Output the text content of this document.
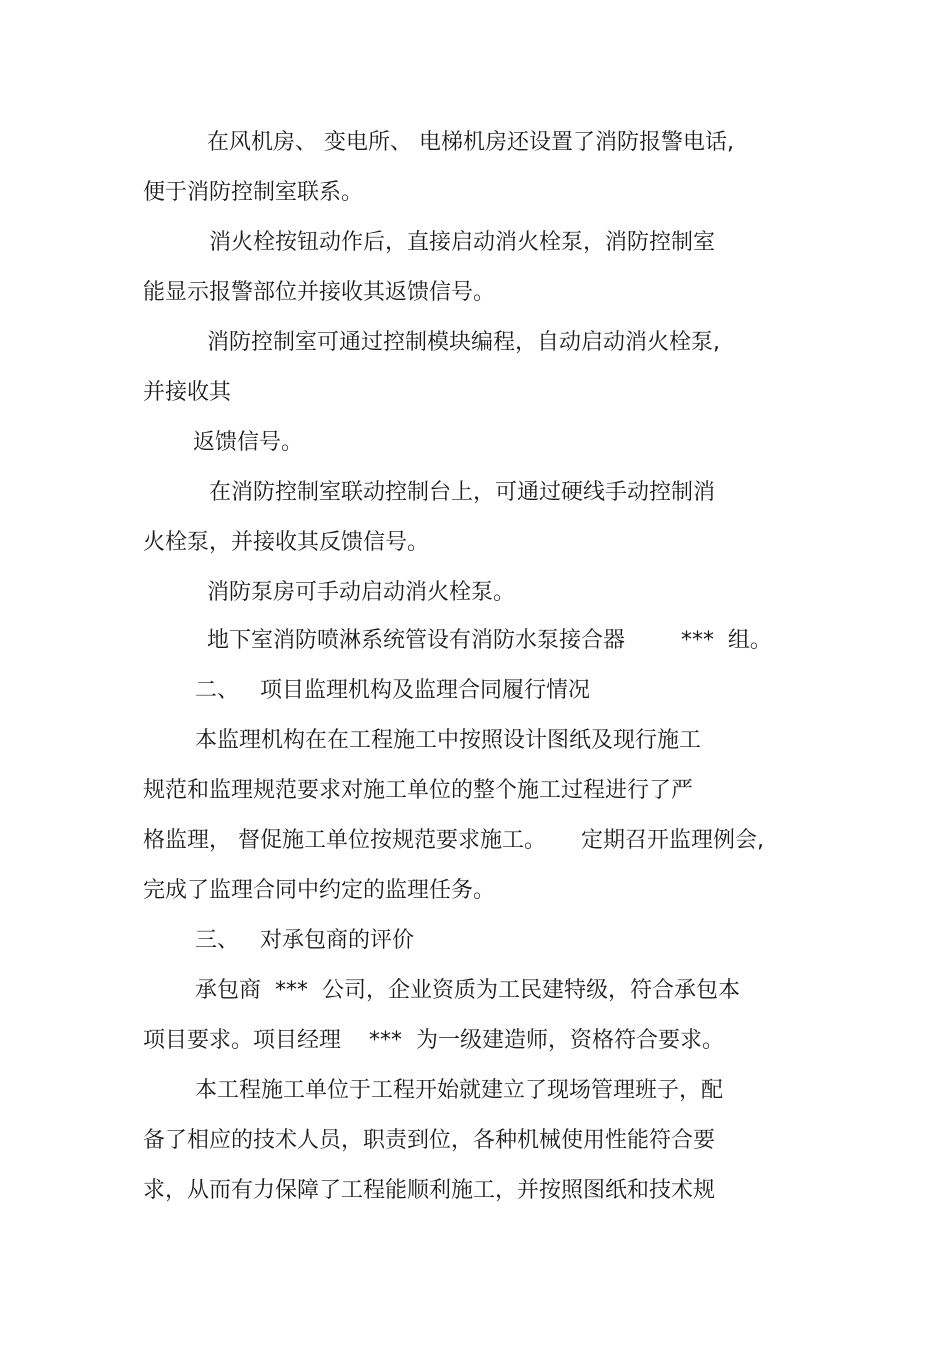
在风机房、 变电所、 电梯机房还设置了消防报警电话,

便于消防控制室联系。

消火栓按钮动作后，直接启动消火栓泵，消防控制室

能显示报警部位并接收其返馈信号。

消防控制室可通过控制模块编程，自动启动消火栓泵,

并接收其

返馈信号。

在消防控制室联动控制台上，可通过硬线手动控制消

火栓泵，并接收其反馈信号。

消防泵房可手动启动消火栓泵。

地下室消防喷淋系统管设有消防水泵接合器        ***  组。

二、   项目监理机构及监理合同履行情况

本监理机构在在工程施工中按照设计图纸及现行施工

规范和监理规范要求对施工单位的整个施工过程进行了严

格监理， 督促施工单位按规范要求施工。     定期召开监理例会,

完成了监理合同中约定的监理任务。

三、   对承包商的评价

承包商  ***  公司，企业资质为工民建特级，符合承包本

项目要求。项目经理    ***  为一级建造师，资格符合要求。

本工程施工单位于工程开始就建立了现场管理班子，配

备了相应的技术人员，职责到位，各种机械使用性能符合要

求，从而有力保障了工程能顺利施工，并按照图纸和技术规
